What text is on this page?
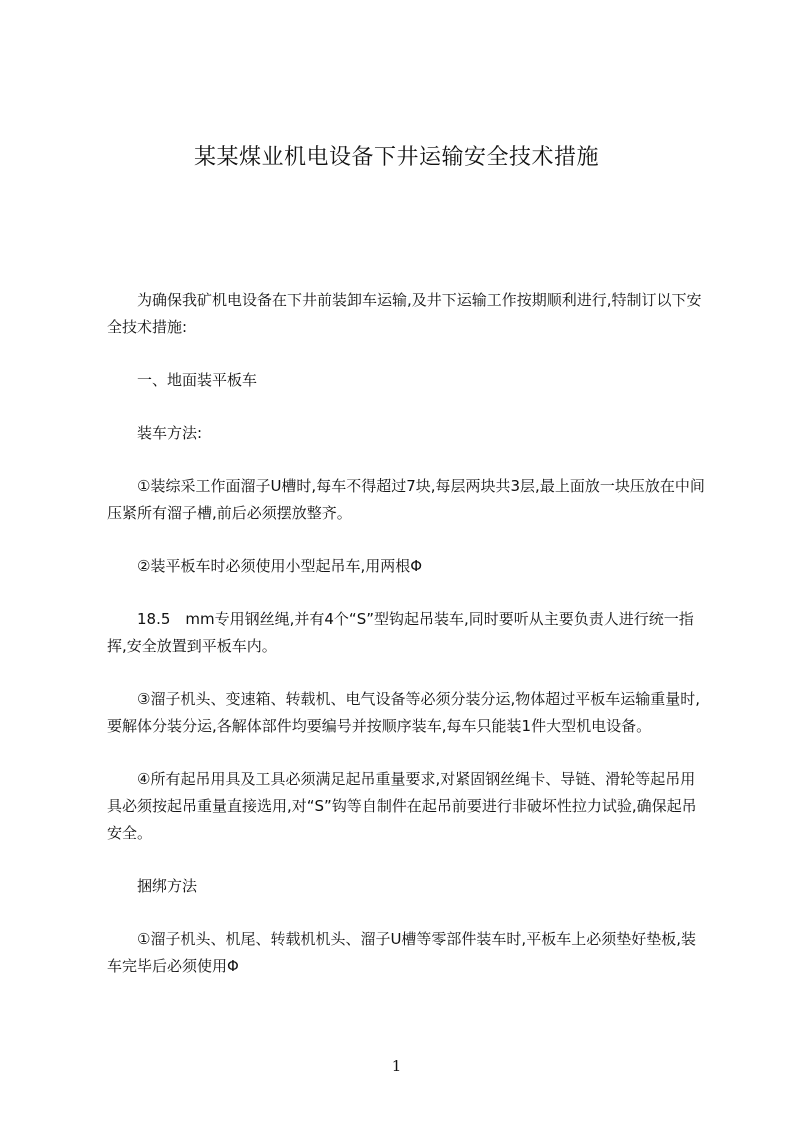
某某煤业机电设备下井运输安全技术措施

为确保我矿机电设备在下井前装卸车运输,及井下运输工作按期顺利进行,特制订以下安全技术措施:

一、地面装平板车

装车方法:

①装综采工作面溜子U槽时,每车不得超过7块,每层两块共3层,最上面放一块压放在中间压紧所有溜子槽,前后必须摆放整齐。

②装平板车时必须使用小型起吊车,用两根Φ

18.5　mm专用钢丝绳,并有4个“S”型钩起吊装车,同时要听从主要负责人进行统一指挥,安全放置到平板车内。

③溜子机头、变速箱、转载机、电气设备等必须分装分运,物体超过平板车运输重量时,要解体分装分运,各解体部件均要编号并按顺序装车,每车只能装1件大型机电设备。

④所有起吊用具及工具必须满足起吊重量要求,对紧固钢丝绳卡、导链、滑轮等起吊用具必须按起吊重量直接选用,对“S”钩等自制件在起吊前要进行非破坏性拉力试验,确保起吊安全。

捆绑方法

①溜子机头、机尾、转载机机头、溜子U槽等零部件装车时,平板车上必须垫好垫板,装车完毕后必须使用Φ

1
